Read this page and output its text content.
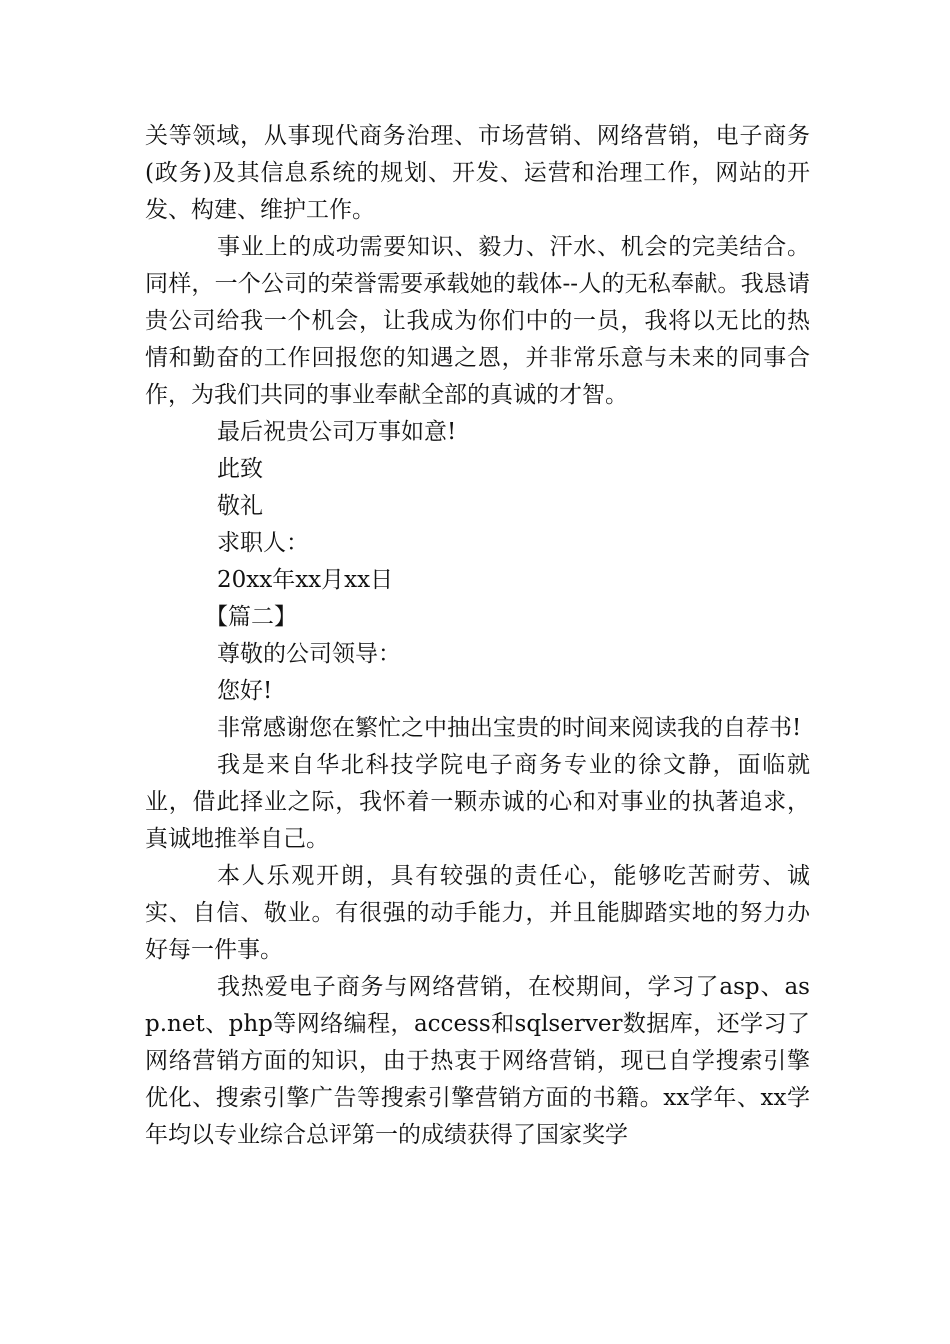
关等领域，从事现代商务治理、市场营销、网络营销，电子商务(政务)及其信息系统的规划、开发、运营和治理工作，网站的开发、构建、维护工作。

事业上的成功需要知识、毅力、汗水、机会的完美结合。同样，一个公司的荣誉需要承载她的载体--人的无私奉献。我恳请贵公司给我一个机会，让我成为你们中的一员，我将以无比的热情和勤奋的工作回报您的知遇之恩，并非常乐意与未来的同事合作，为我们共同的事业奉献全部的真诚的才智。

最后祝贵公司万事如意!

此致

敬礼

求职人：

20xx年xx月xx日

【篇二】

尊敬的公司领导：

您好!

非常感谢您在繁忙之中抽出宝贵的时间来阅读我的自荐书!

我是来自华北科技学院电子商务专业的徐文静，面临就业，借此择业之际，我怀着一颗赤诚的心和对事业的执著追求，真诚地推举自己。

本人乐观开朗，具有较强的责任心，能够吃苦耐劳、诚实、自信、敬业。有很强的动手能力，并且能脚踏实地的努力办好每一件事。

我热爱电子商务与网络营销，在校期间，学习了asp、asp.net、php等网络编程，access和sqlserver数据库，还学习了网络营销方面的知识，由于热衷于网络营销，现已自学搜索引擎优化、搜索引擎广告等搜索引擎营销方面的书籍。xx学年、xx学年均以专业综合总评第一的成绩获得了国家奖学
